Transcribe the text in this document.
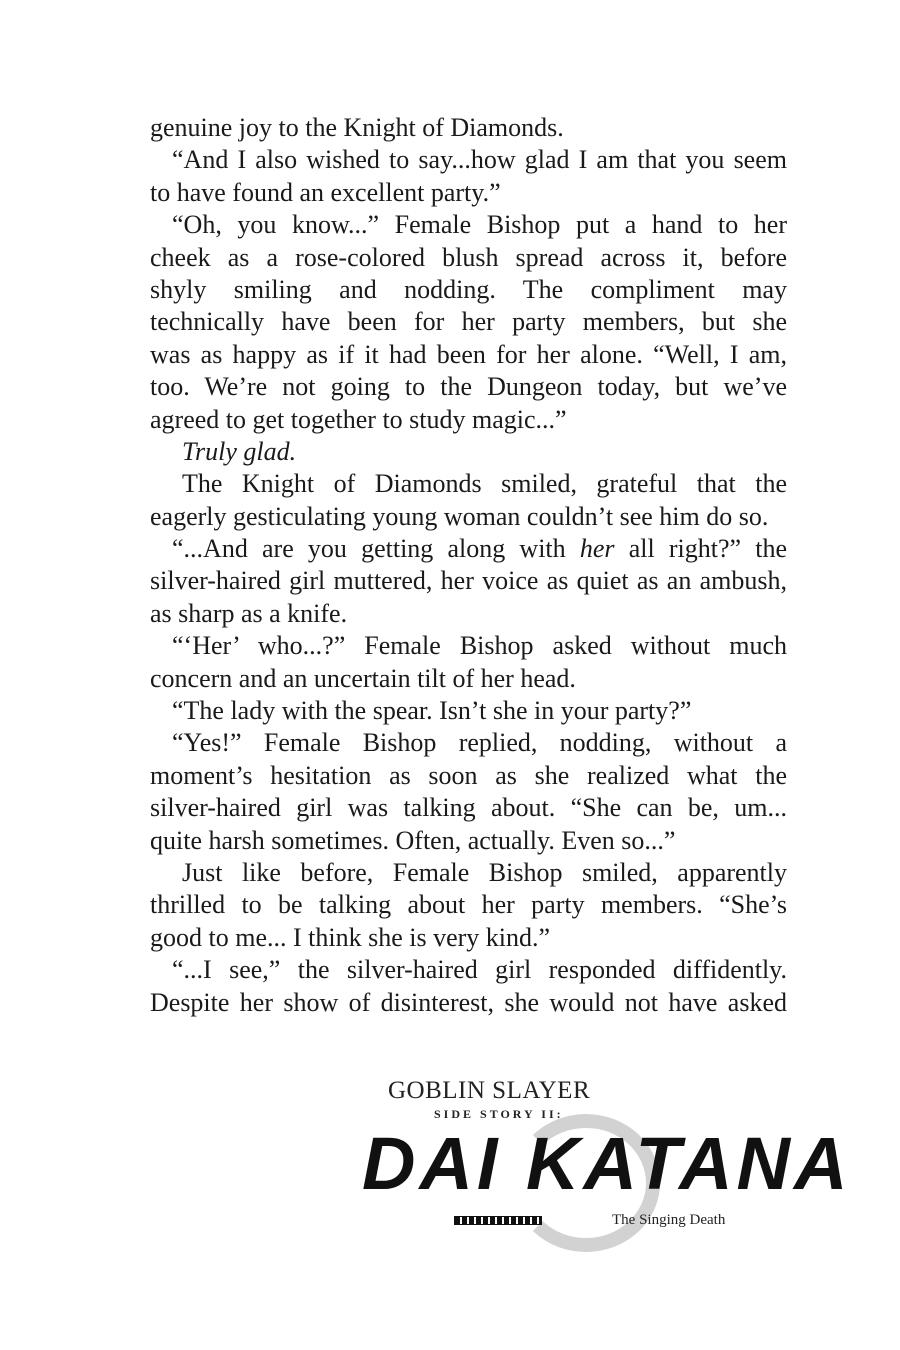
genuine joy to the Knight of Diamonds.
“And I also wished to say...how glad I am that you seem
to have found an excellent party.”
“Oh, you know...” Female Bishop put a hand to her
cheek as a rose-colored blush spread across it, before
shyly smiling and nodding. The compliment may
technically have been for her party members, but she
was as happy as if it had been for her alone. “Well, I am,
too. We’re not going to the Dungeon today, but we’ve
agreed to get together to study magic...”
Truly glad.
The Knight of Diamonds smiled, grateful that the
eagerly gesticulating young woman couldn’t see him do so.
“...And are you getting along with her all right?” the
silver-haired girl muttered, her voice as quiet as an ambush,
as sharp as a knife.
“‘Her’ who...?” Female Bishop asked without much
concern and an uncertain tilt of her head.
“The lady with the spear. Isn’t she in your party?”
“Yes!” Female Bishop replied, nodding, without a
moment’s hesitation as soon as she realized what the
silver-haired girl was talking about. “She can be, um...
quite harsh sometimes. Often, actually. Even so...”
Just like before, Female Bishop smiled, apparently
thrilled to be talking about her party members. “She’s
good to me... I think she is very kind.”
“...I see,” the silver-haired girl responded diffidently.
Despite her show of disinterest, she would not have asked
GOBLIN SLAYER
SIDE STORY II:
DAI KATANA
The Singing Death
